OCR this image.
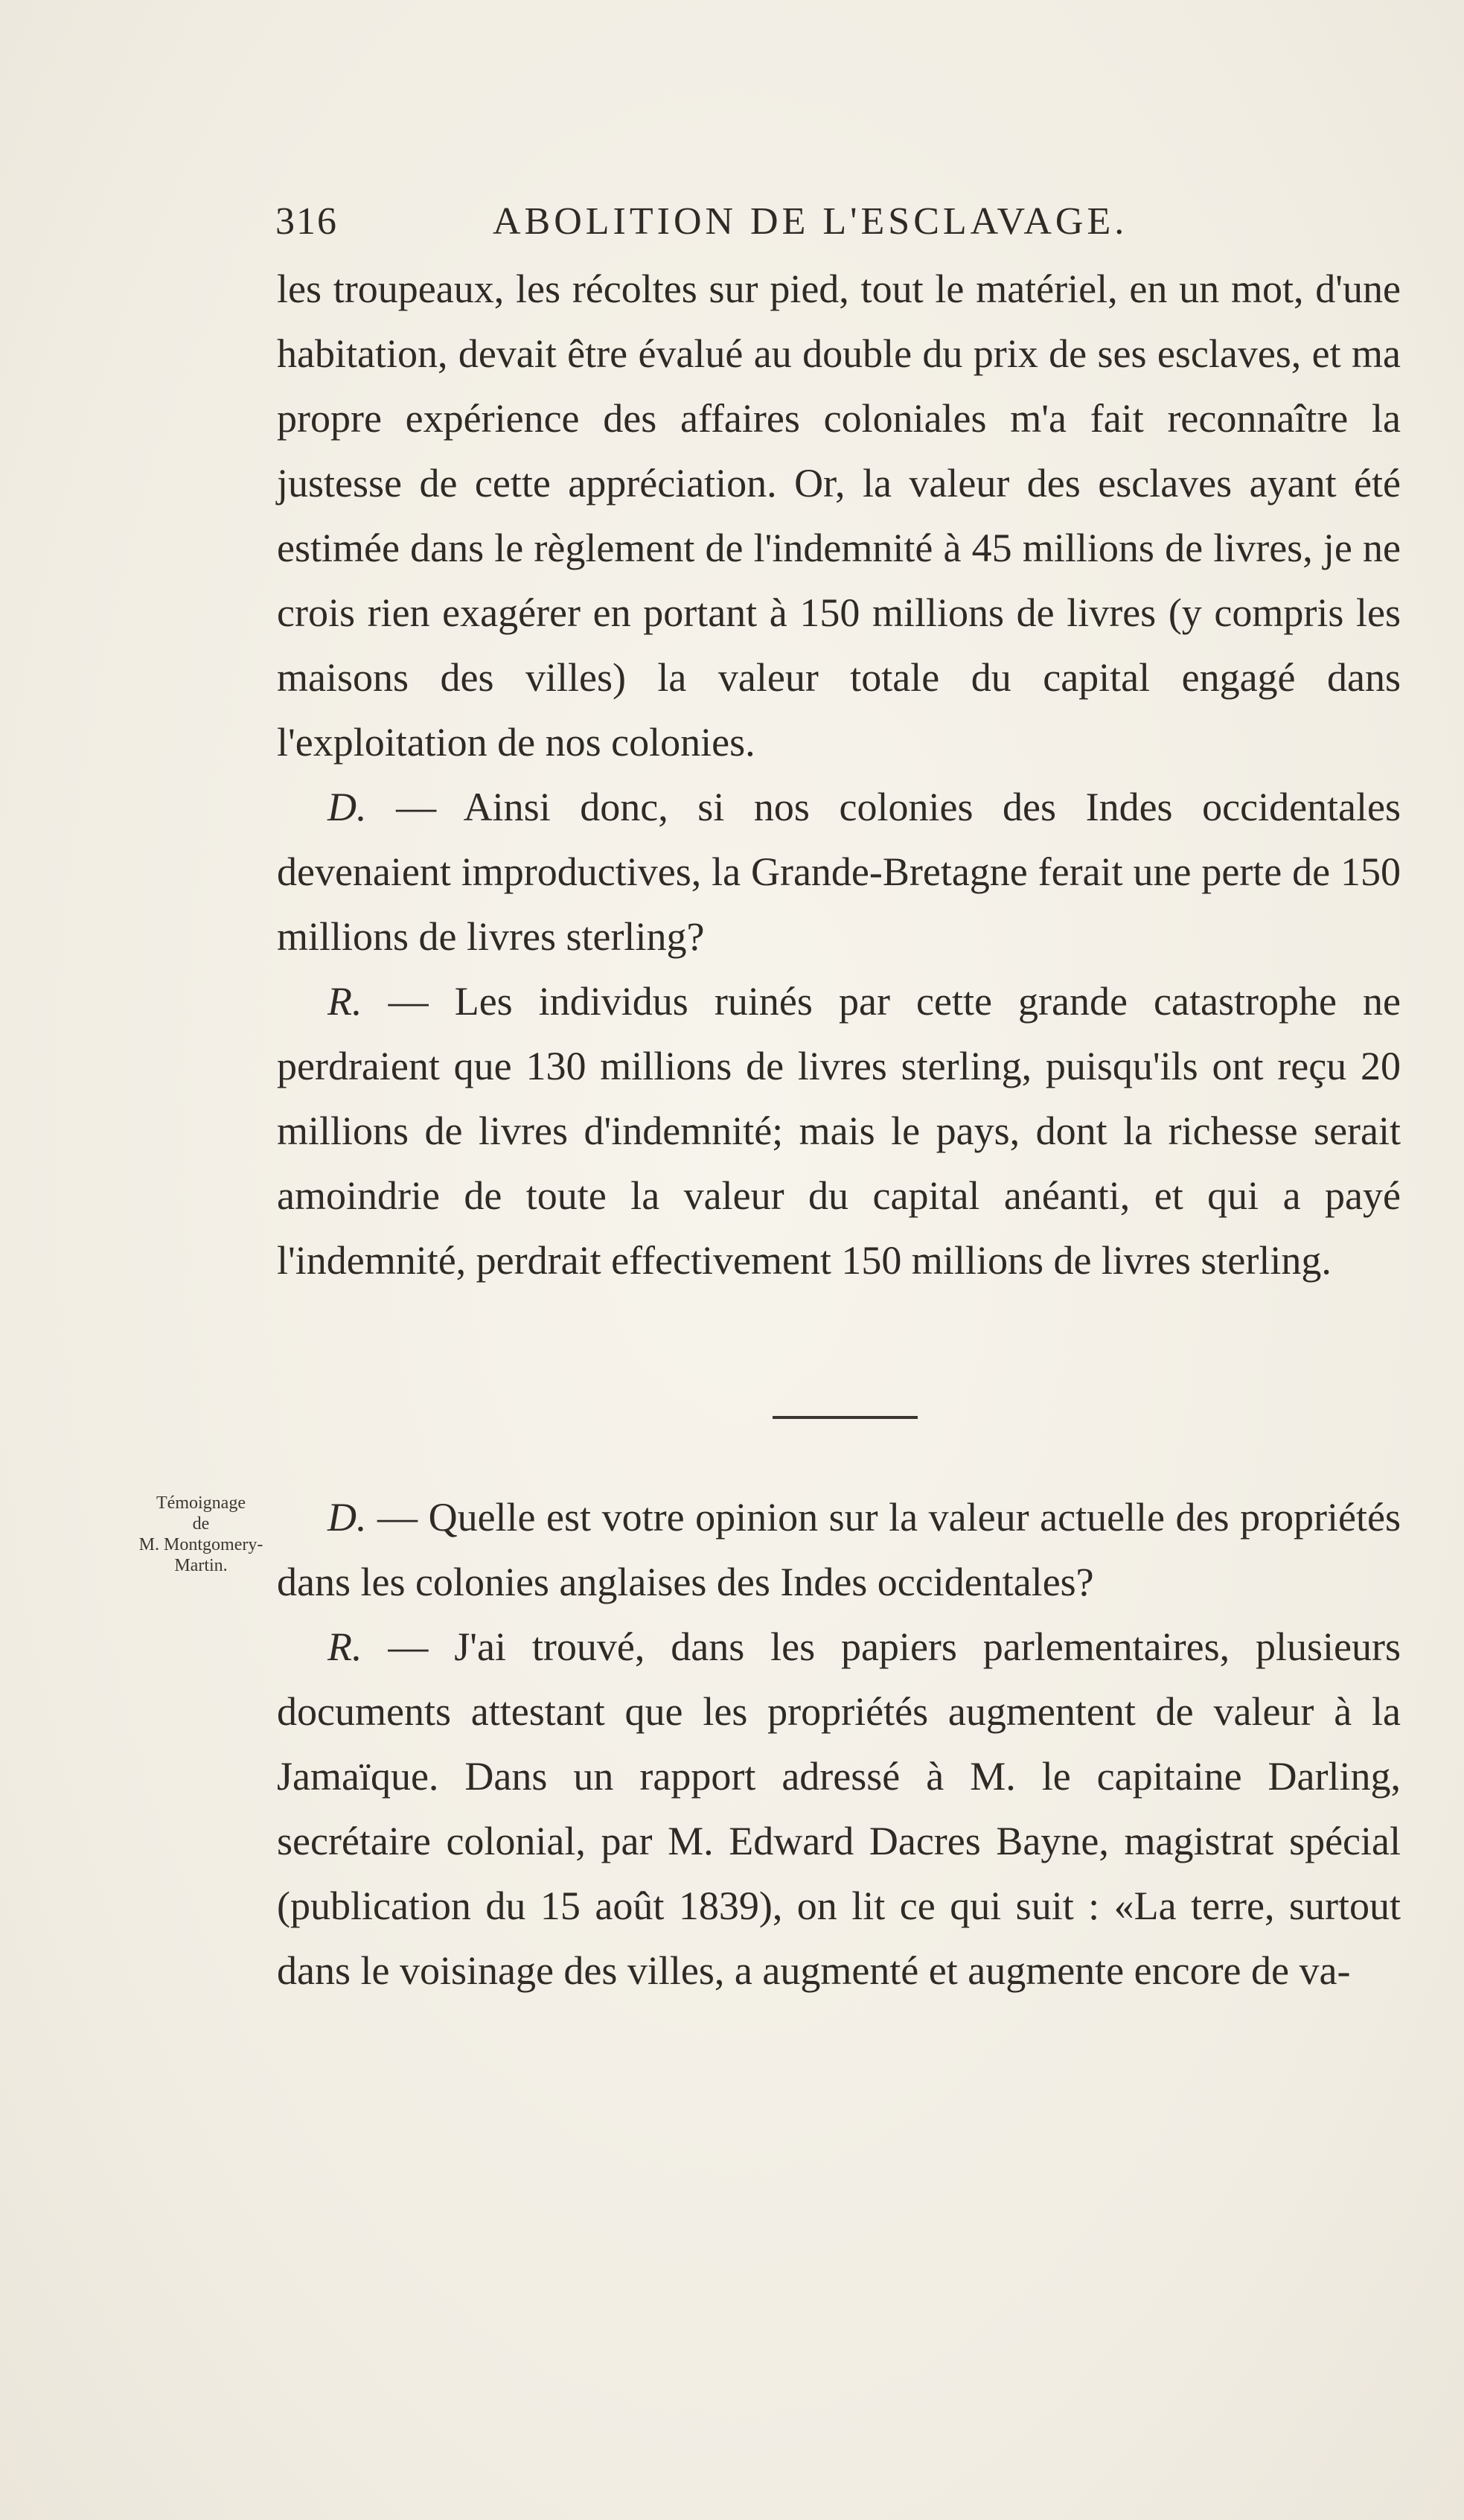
316	ABOLITION DE L'ESCLAVAGE.

les troupeaux, les récoltes sur pied, tout le matériel, en un mot, d'une habitation, devait être évalué au double du prix de ses esclaves, et ma propre expérience des affaires coloniales m'a fait reconnaître la justesse de cette appréciation. Or, la valeur des esclaves ayant été estimée dans le règlement de l'indemnité à 45 millions de livres, je ne crois rien exagérer en portant à 150 millions de livres (y compris les maisons des villes) la valeur totale du capital engagé dans l'exploitation de nos colonies.

D. — Ainsi donc, si nos colonies des Indes occidentales devenaient improductives, la Grande-Bretagne ferait une perte de 150 millions de livres sterling?

R. — Les individus ruinés par cette grande catastrophe ne perdraient que 130 millions de livres sterling, puisqu'ils ont reçu 20 millions de livres d'indemnité; mais le pays, dont la richesse serait amoindrie de toute la valeur du capital anéanti, et qui a payé l'indemnité, perdrait effectivement 150 millions de livres sterling.

Témoignage
de
M. Montgomery-
Martin.

D. — Quelle est votre opinion sur la valeur actuelle des propriétés dans les colonies anglaises des Indes occidentales?

R. — J'ai trouvé, dans les papiers parlementaires, plusieurs documents attestant que les propriétés augmentent de valeur à la Jamaïque. Dans un rapport adressé à M. le capitaine Darling, secrétaire colonial, par M. Edward Dacres Bayne, magistrat spécial (publication du 15 août 1839), on lit ce qui suit : «La terre, surtout dans le voisinage des villes, a augmenté et augmente encore de va-
